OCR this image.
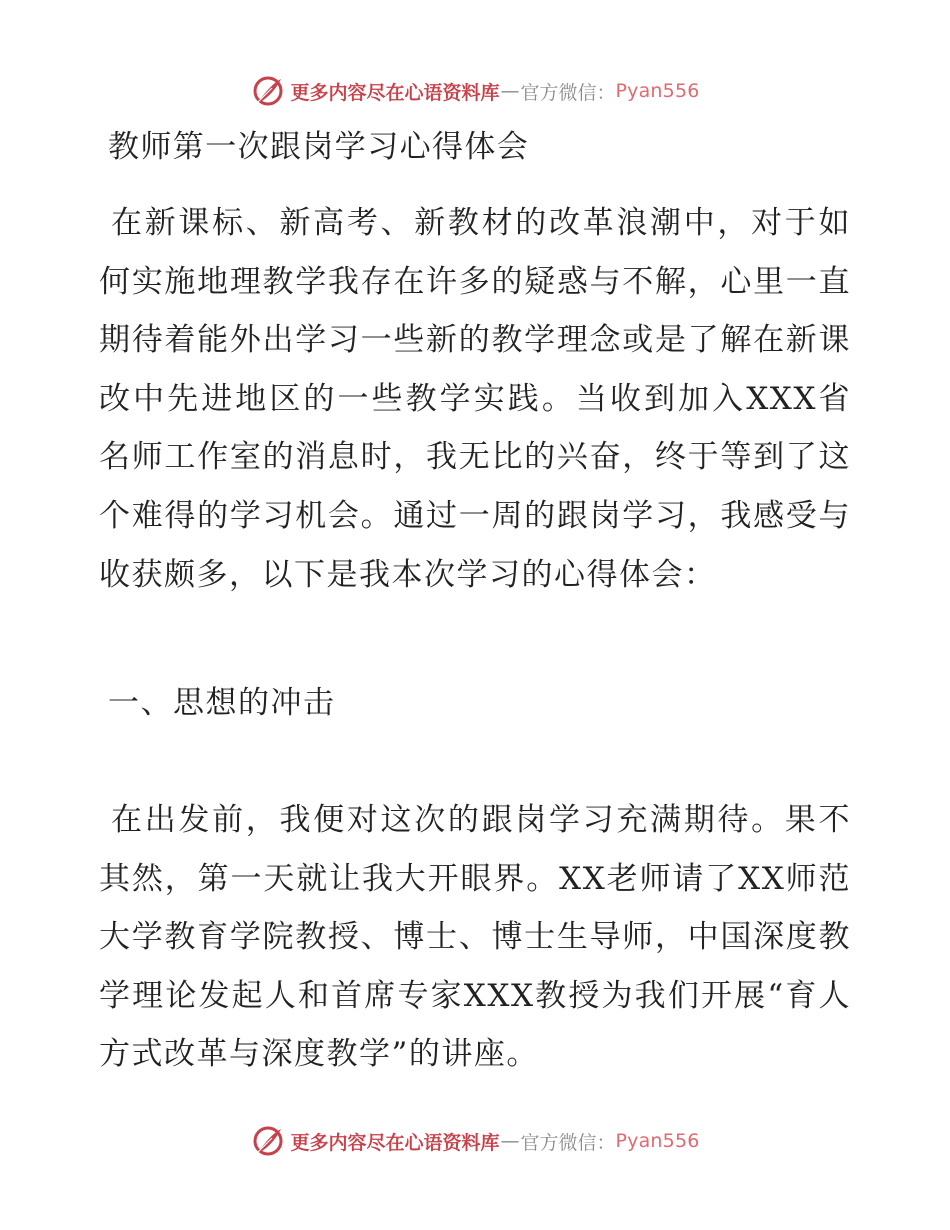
更多内容尽在心语资料库 — 官方微信： Pyan556
教师第一次跟岗学习心得体会

在新课标、新高考、新教材的改革浪潮中，对于如何实施地理教学我存在许多的疑惑与不解，心里一直期待着能外出学习一些新的教学理念或是了解在新课改中先进地区的一些教学实践。当收到加入XXX省名师工作室的消息时，我无比的兴奋，终于等到了这个难得的学习机会。通过一周的跟岗学习，我感受与收获颇多，以下是我本次学习的心得体会：

一、思想的冲击

在出发前，我便对这次的跟岗学习充满期待。果不其然，第一天就让我大开眼界。XX老师请了XX师范大学教育学院教授、博士、博士生导师，中国深度教学理论发起人和首席专家XXX教授为我们开展“育人方式改革与深度教学”的讲座。

更多内容尽在心语资料库 — 官方微信： Pyan556
